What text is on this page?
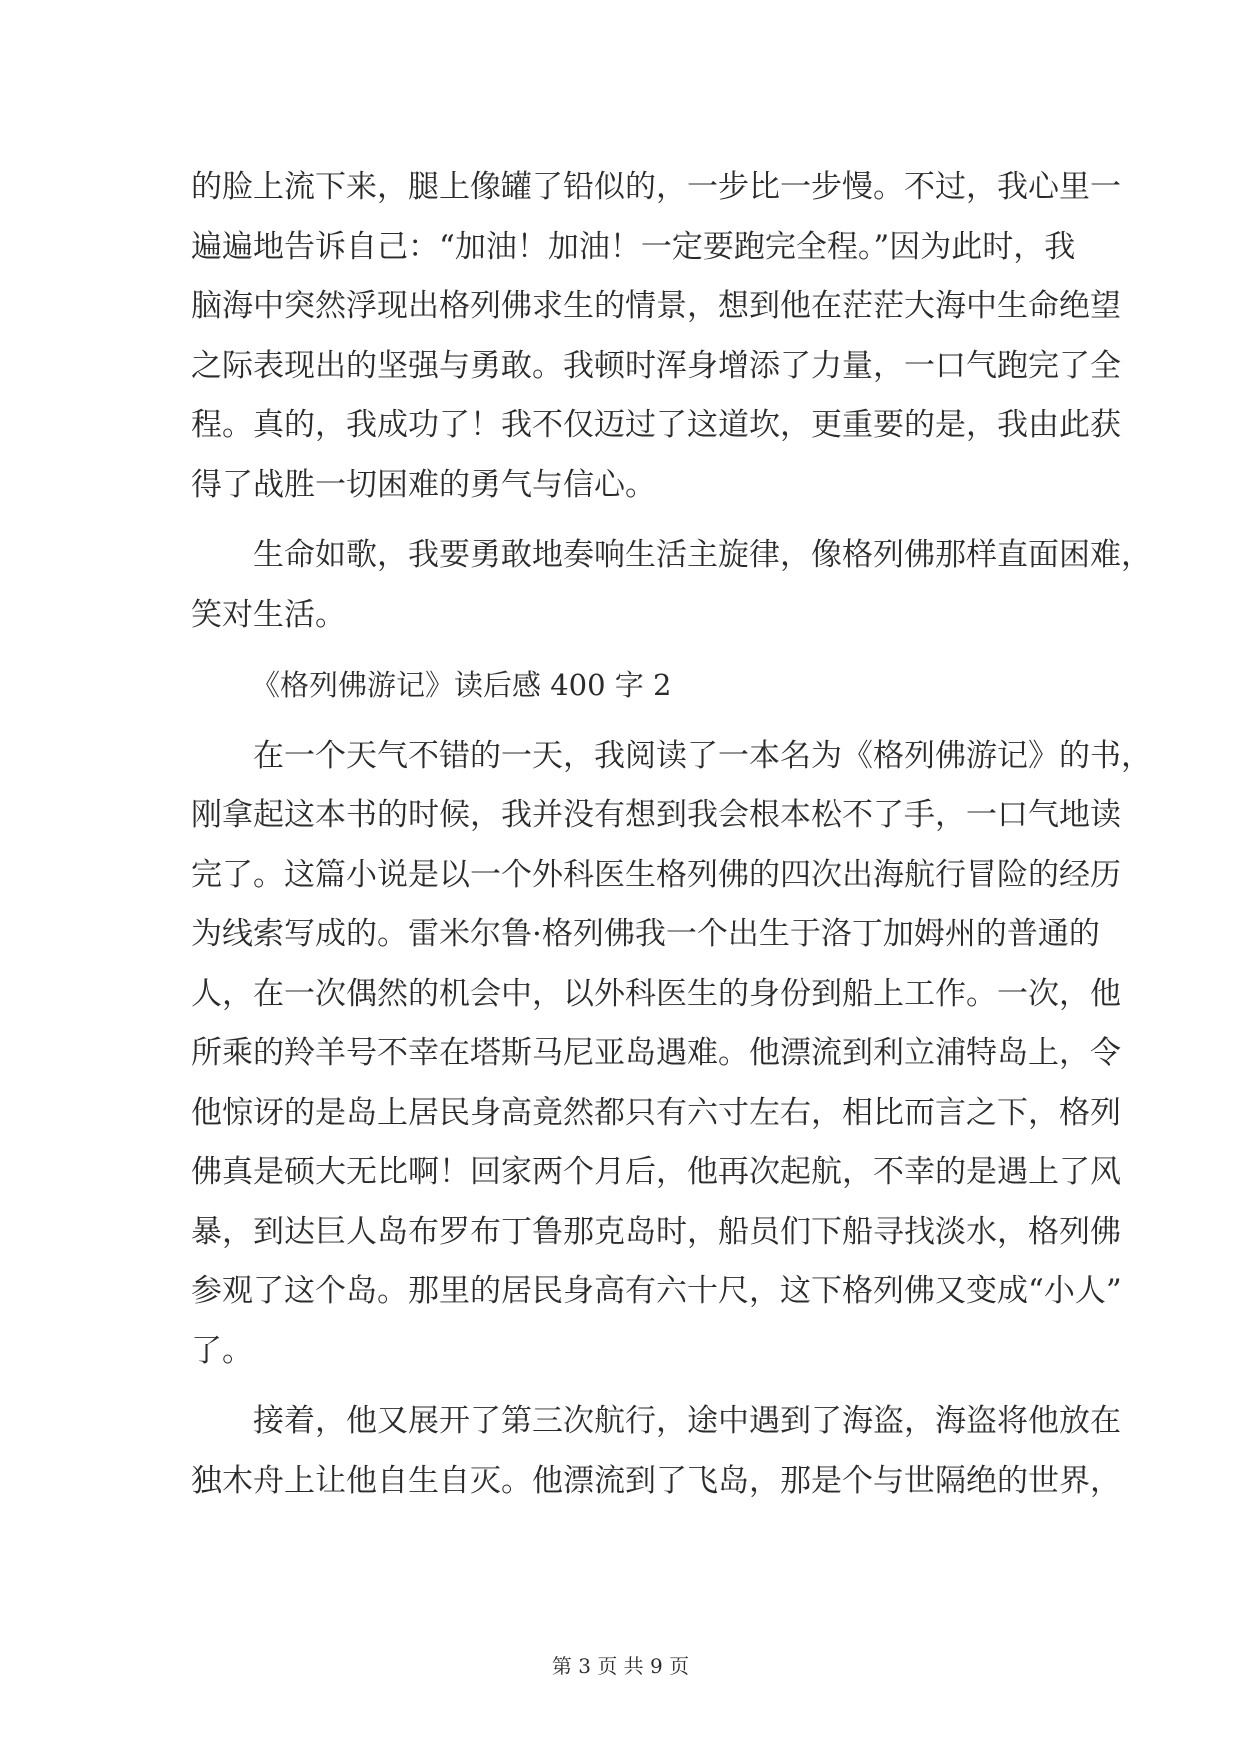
的脸上流下来，腿上像罐了铅似的，一步比一步慢。不过，我心里一
遍遍地告诉自己：“加油！加油！一定要跑完全程。”因为此时，我
脑海中突然浮现出格列佛求生的情景，想到他在茫茫大海中生命绝望
之际表现出的坚强与勇敢。我顿时浑身增添了力量，一口气跑完了全
程。真的，我成功了！我不仅迈过了这道坎，更重要的是，我由此获
得了战胜一切困难的勇气与信心。
生命如歌，我要勇敢地奏响生活主旋律，像格列佛那样直面困难，
笑对生活。
《格列佛游记》读后感 400 字 2
在一个天气不错的一天，我阅读了一本名为《格列佛游记》的书，
刚拿起这本书的时候，我并没有想到我会根本松不了手，一口气地读
完了。这篇小说是以一个外科医生格列佛的四次出海航行冒险的经历
为线索写成的。雷米尔鲁·格列佛我一个出生于洛丁加姆州的普通的
人，在一次偶然的机会中，以外科医生的身份到船上工作。一次，他
所乘的羚羊号不幸在塔斯马尼亚岛遇难。他漂流到利立浦特岛上，令
他惊讶的是岛上居民身高竟然都只有六寸左右，相比而言之下，格列
佛真是硕大无比啊！回家两个月后，他再次起航，不幸的是遇上了风
暴，到达巨人岛布罗布丁鲁那克岛时，船员们下船寻找淡水，格列佛
参观了这个岛。那里的居民身高有六十尺，这下格列佛又变成“小人”
了。
接着，他又展开了第三次航行，途中遇到了海盗，海盗将他放在
独木舟上让他自生自灭。他漂流到了飞岛，那是个与世隔绝的世界，
第 3 页 共 9 页
